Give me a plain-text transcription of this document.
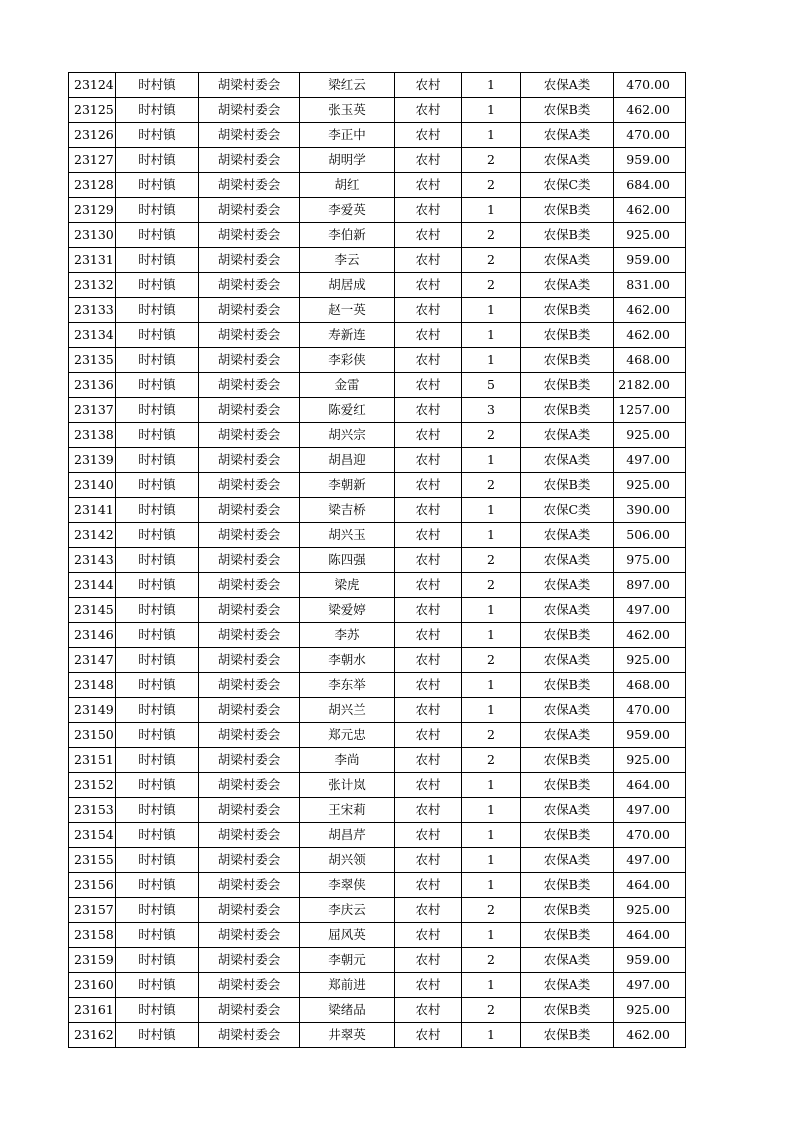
23124	时村镇	胡梁村委会	梁红云	农村	1	农保A类	470.00
23125	时村镇	胡梁村委会	张玉英	农村	1	农保B类	462.00
23126	时村镇	胡梁村委会	李正中	农村	1	农保A类	470.00
23127	时村镇	胡梁村委会	胡明学	农村	2	农保A类	959.00
23128	时村镇	胡梁村委会	胡红	农村	2	农保C类	684.00
23129	时村镇	胡梁村委会	李爱英	农村	1	农保B类	462.00
23130	时村镇	胡梁村委会	李伯新	农村	2	农保B类	925.00
23131	时村镇	胡梁村委会	李云	农村	2	农保A类	959.00
23132	时村镇	胡梁村委会	胡居成	农村	2	农保A类	831.00
23133	时村镇	胡梁村委会	赵一英	农村	1	农保B类	462.00
23134	时村镇	胡梁村委会	寿新连	农村	1	农保B类	462.00
23135	时村镇	胡梁村委会	李彩侠	农村	1	农保B类	468.00
23136	时村镇	胡梁村委会	金雷	农村	5	农保B类	2182.00
23137	时村镇	胡梁村委会	陈爱红	农村	3	农保B类	1257.00
23138	时村镇	胡梁村委会	胡兴宗	农村	2	农保A类	925.00
23139	时村镇	胡梁村委会	胡昌迎	农村	1	农保A类	497.00
23140	时村镇	胡梁村委会	李朝新	农村	2	农保B类	925.00
23141	时村镇	胡梁村委会	梁吉桥	农村	1	农保C类	390.00
23142	时村镇	胡梁村委会	胡兴玉	农村	1	农保A类	506.00
23143	时村镇	胡梁村委会	陈四强	农村	2	农保A类	975.00
23144	时村镇	胡梁村委会	梁虎	农村	2	农保A类	897.00
23145	时村镇	胡梁村委会	梁爱婷	农村	1	农保A类	497.00
23146	时村镇	胡梁村委会	李苏	农村	1	农保B类	462.00
23147	时村镇	胡梁村委会	李朝水	农村	2	农保A类	925.00
23148	时村镇	胡梁村委会	李东举	农村	1	农保B类	468.00
23149	时村镇	胡梁村委会	胡兴兰	农村	1	农保A类	470.00
23150	时村镇	胡梁村委会	郑元忠	农村	2	农保A类	959.00
23151	时村镇	胡梁村委会	李尚	农村	2	农保B类	925.00
23152	时村镇	胡梁村委会	张计岚	农村	1	农保B类	464.00
23153	时村镇	胡梁村委会	王宋莉	农村	1	农保A类	497.00
23154	时村镇	胡梁村委会	胡昌芹	农村	1	农保B类	470.00
23155	时村镇	胡梁村委会	胡兴领	农村	1	农保A类	497.00
23156	时村镇	胡梁村委会	李翠侠	农村	1	农保B类	464.00
23157	时村镇	胡梁村委会	李庆云	农村	2	农保B类	925.00
23158	时村镇	胡梁村委会	屈风英	农村	1	农保B类	464.00
23159	时村镇	胡梁村委会	李朝元	农村	2	农保A类	959.00
23160	时村镇	胡梁村委会	郑前进	农村	1	农保A类	497.00
23161	时村镇	胡梁村委会	梁绪品	农村	2	农保B类	925.00
23162	时村镇	胡梁村委会	井翠英	农村	1	农保B类	462.00
